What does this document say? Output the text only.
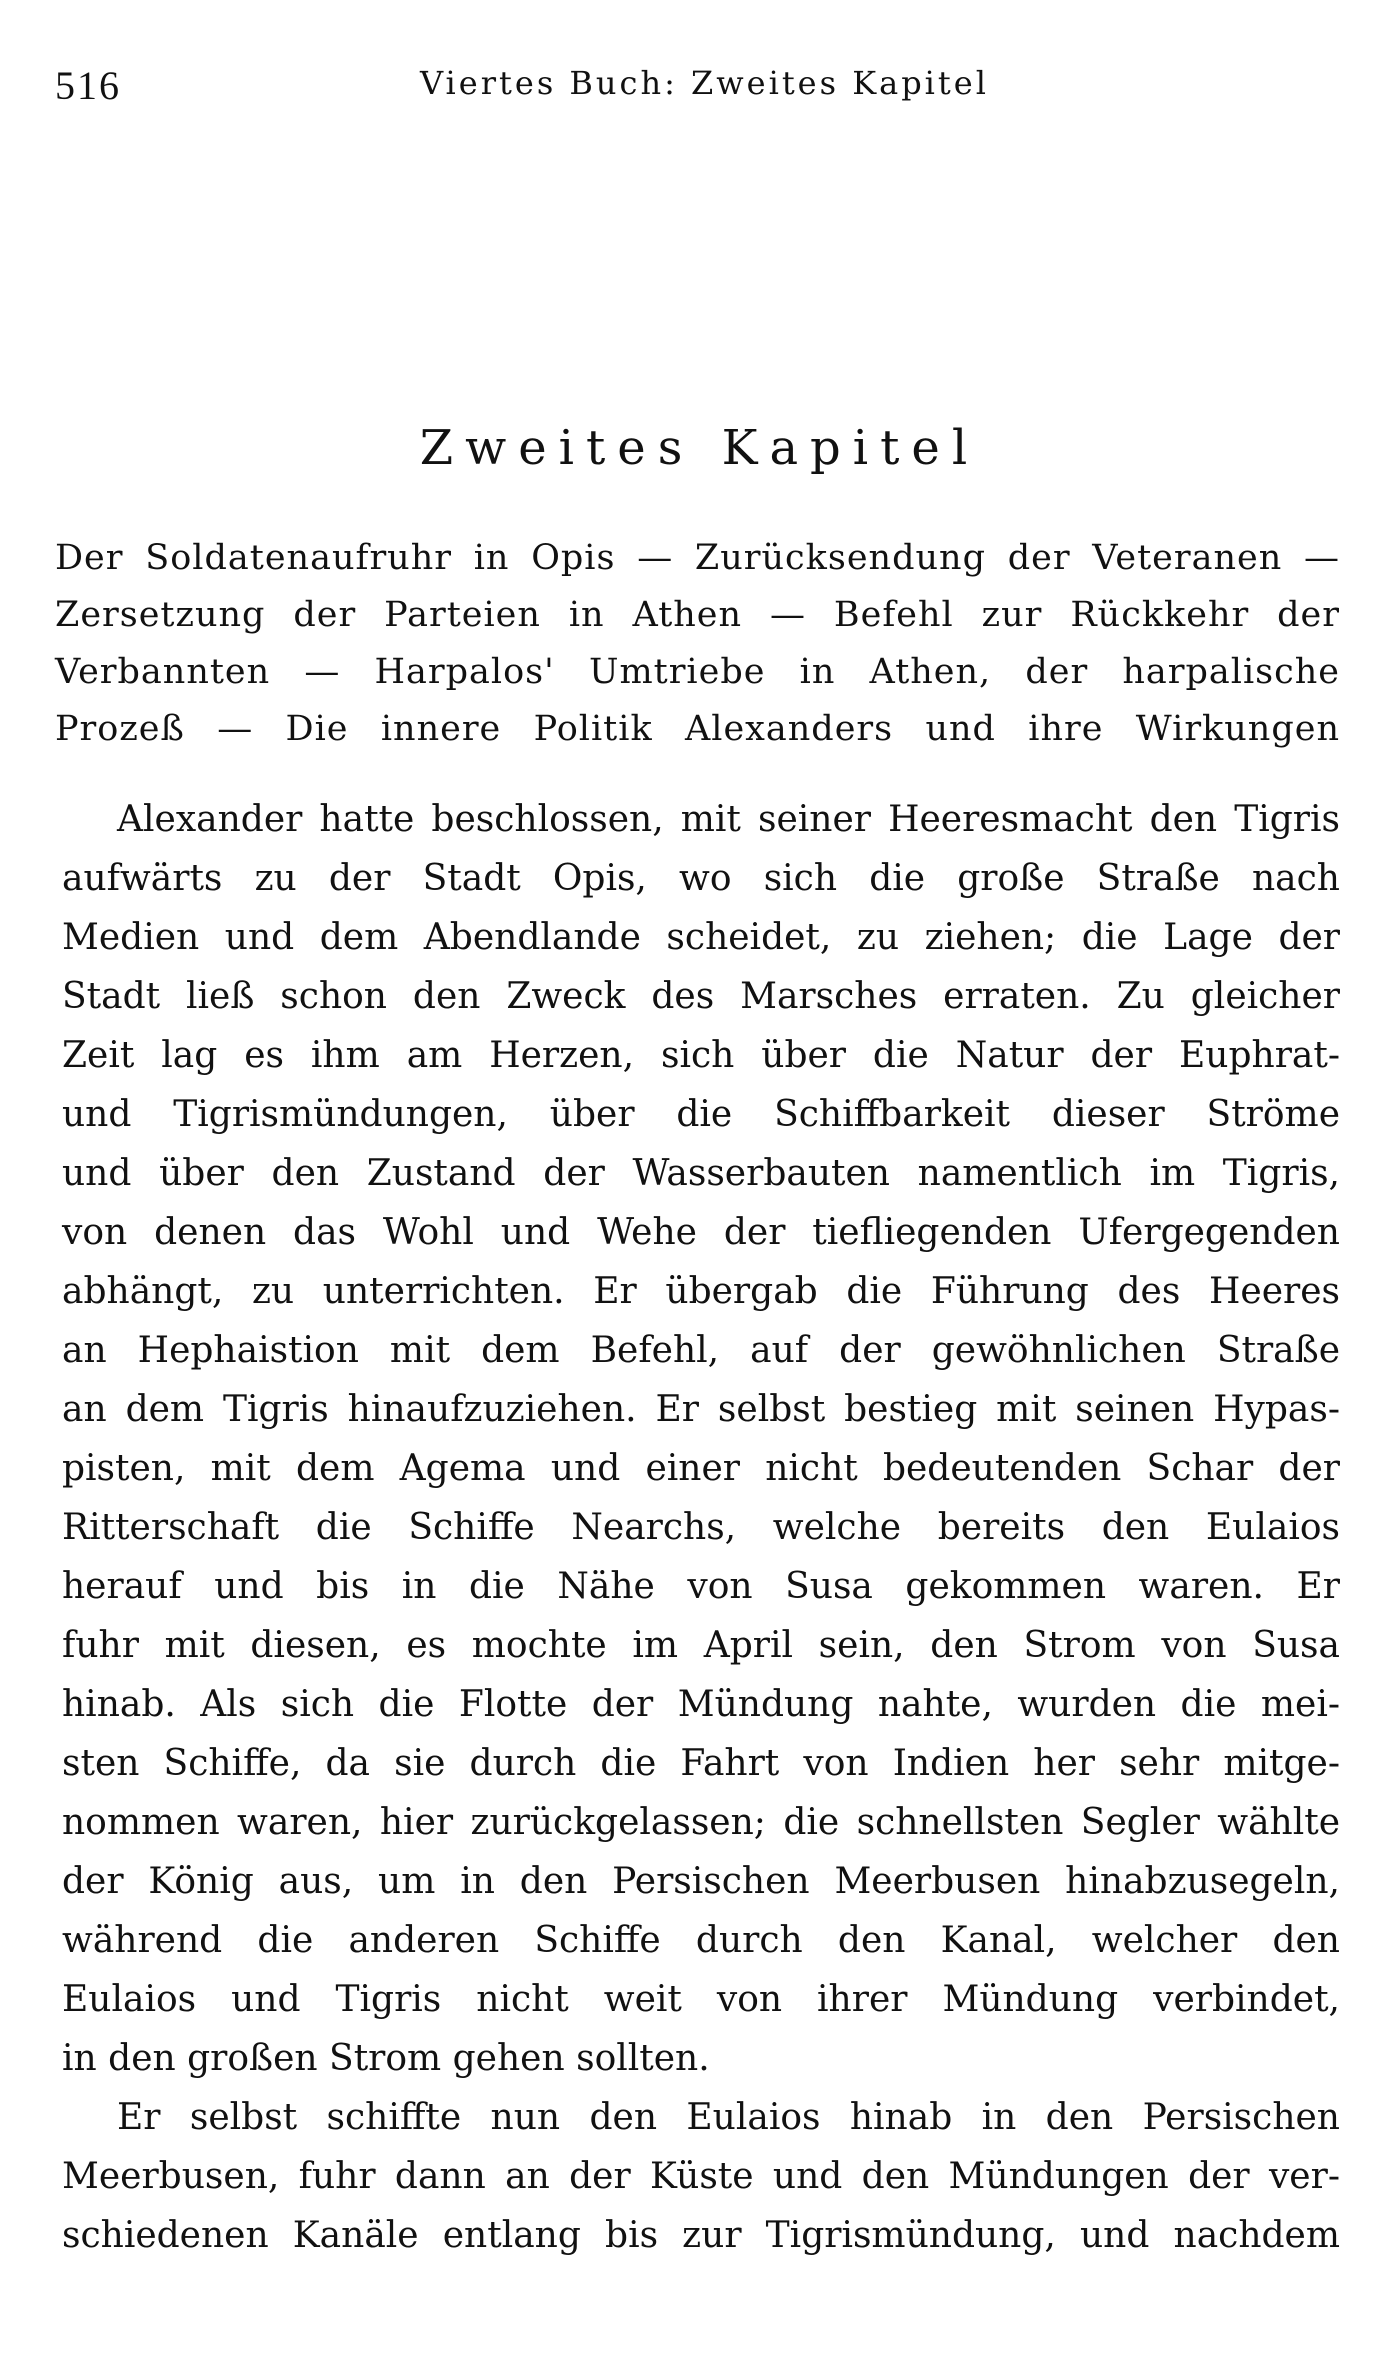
516	Viertes Buch: Zweites Kapitel
Zweites Kapitel
Der Soldatenaufruhr in Opis — Zurücksendung der Veteranen —
Zersetzung der Parteien in Athen — Befehl zur Rückkehr der
Verbannten — Harpalos' Umtriebe in Athen, der harpalische
Prozeß — Die innere Politik Alexanders und ihre Wirkungen
Alexander hatte beschlossen, mit seiner Heeresmacht den Tigris
aufwärts zu der Stadt Opis, wo sich die große Straße nach
Medien und dem Abendlande scheidet, zu ziehen; die Lage der
Stadt ließ schon den Zweck des Marsches erraten. Zu gleicher
Zeit lag es ihm am Herzen, sich über die Natur der Euphrat-
und Tigrismündungen, über die Schiffbarkeit dieser Ströme
und über den Zustand der Wasserbauten namentlich im Tigris,
von denen das Wohl und Wehe der tiefliegenden Ufergegenden
abhängt, zu unterrichten. Er übergab die Führung des Heeres
an Hephaistion mit dem Befehl, auf der gewöhnlichen Straße
an dem Tigris hinaufzuziehen. Er selbst bestieg mit seinen Hypas-
pisten, mit dem Agema und einer nicht bedeutenden Schar der
Ritterschaft die Schiffe Nearchs, welche bereits den Eulaios
herauf und bis in die Nähe von Susa gekommen waren. Er
fuhr mit diesen, es mochte im April sein, den Strom von Susa
hinab. Als sich die Flotte der Mündung nahte, wurden die mei-
sten Schiffe, da sie durch die Fahrt von Indien her sehr mitge-
nommen waren, hier zurückgelassen; die schnellsten Segler wählte
der König aus, um in den Persischen Meerbusen hinabzusegeln,
während die anderen Schiffe durch den Kanal, welcher den
Eulaios und Tigris nicht weit von ihrer Mündung verbindet,
in den großen Strom gehen sollten.
Er selbst schiffte nun den Eulaios hinab in den Persischen
Meerbusen, fuhr dann an der Küste und den Mündungen der ver-
schiedenen Kanäle entlang bis zur Tigrismündung, und nachdem
